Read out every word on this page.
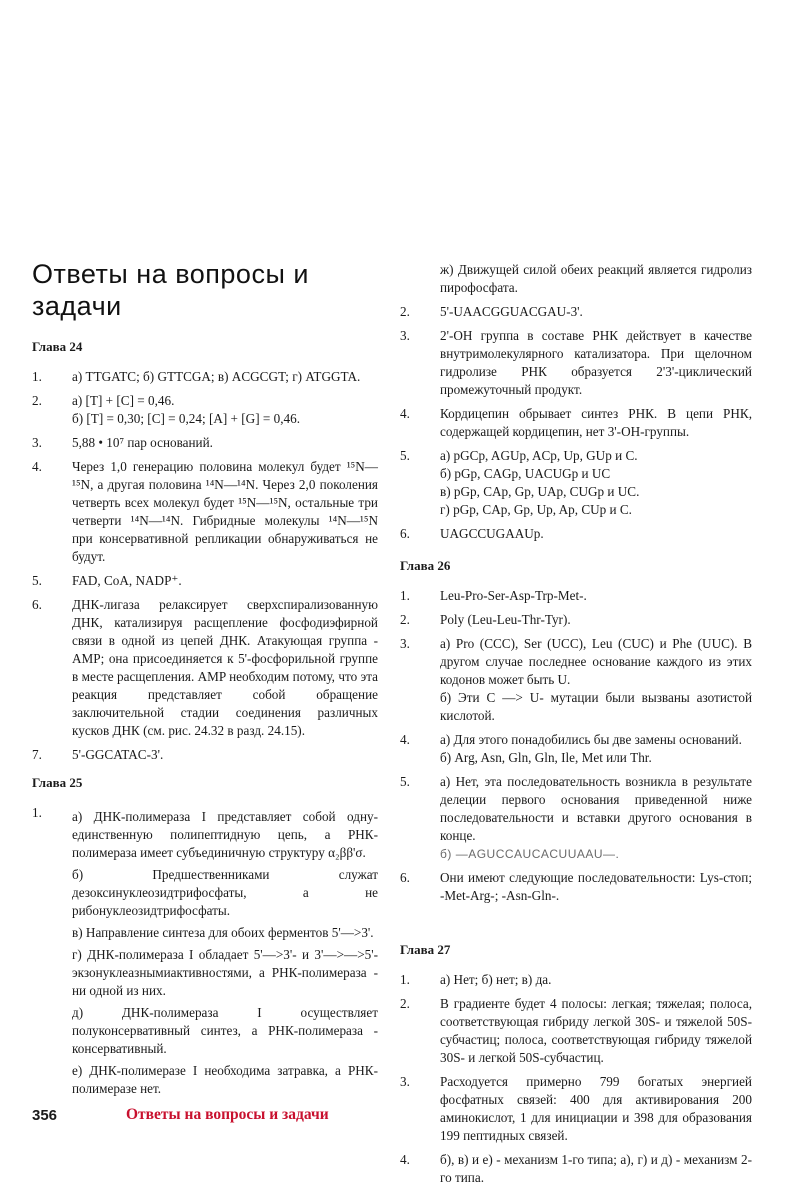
Ответы на вопросы и задачи
Глава 24
1.	а) TTGATC; б) GTTCGA; в) ACGCGT; г) ATGGTA.
2.	а) [T] + [C] = 0,46.
б) [T] = 0,30; [C] = 0,24; [A] + [G] = 0,46.
3.	5,88 • 10⁷ пар оснований.
4.	Через 1,0 генерацию половина молекул будет ¹⁵N—¹⁵N, а другая половина ¹⁴N—¹⁴N. Через 2,0 поколения четверть всех молекул будет ¹⁵N—¹⁵N, остальные три четверти ¹⁴N—¹⁴N. Гибридные молекулы ¹⁴N—¹⁵N при консервативной репликации обнаруживаться не будут.
5.	FAD, CoA, NADP⁺.
6.	ДНК-лигаза релаксирует сверхспирализованную ДНК, катализируя расщепление фосфодиэфирной связи в одной из цепей ДНК. Атакующая группа - AMP; она присоединяется к 5'-фосфорильной группе в месте расщепления. AMP необходим потому, что эта реакция представляет собой обращение заключительной стадии соединения различных кусков ДНК (см. рис. 24.32 в разд. 24.15).
7.	5'-GGCATAC-3'.
Глава 25
1.	а) ДНК-полимераза I представляет собой одну-единственную полипептидную цепь, а РНК-полимераза имеет субъединичную структуру α₂ββ'σ.
б) Предшественниками служат дезоксинуклеозидтрифосфаты, а не рибонуклеозидтрифосфаты.
в) Направление синтеза для обоих ферментов 5'—>3'.
г) ДНК-полимераза I обладает 5'—>3'- и 3'—>—>5'-экзонуклеазнымиактивностями, а РНК-полимераза - ни одной из них.
д) ДНК-полимераза I осуществляет полуконсервативный синтез, а РНК-полимераза - консервативный.
е) ДНК-полимеразе I необходима затравка, а РНК-полимеразе нет.
ж) Движущей силой обеих реакций является гидролиз пирофосфата.
2.	5'-UAACGGUACGAU-3'.
3.	2'-OH группа в составе РНК действует в качестве внутримолекулярного катализатора. При щелочном гидролизе РНК образуется 2'3'-циклический промежуточный продукт.
4.	Кордицепин обрывает синтез РНК. В цепи РНК, содержащей кордицепин, нет 3'-OH-группы.
5.	а) pGCp, AGUp, ACp, Up, GUp и C.
б) pGp, CAGp, UACUGp и UC
в) pGp, CAp, Gp, UAp, CUGp и UC.
г) pGp, CAp, Gp, Up, Ap, CUp и C.
6.	UAGCCUGAAUp.
Глава 26
1.	Leu-Pro-Ser-Asp-Trp-Met-.
2.	Poly (Leu-Leu-Thr-Tyr).
3.	а) Pro (CCC), Ser (UCC), Leu (CUC) и Phe (UUC). В другом случае последнее основание каждого из этих кодонов может быть U.
б) Эти C —> U- мутации были вызваны азотистой кислотой.
4.	а) Для этого понадобились бы две замены оснований.
б) Arg, Asn, Gln, Gln, Ile, Met или Thr.
5.	а) Нет, эта последовательность возникла в результате делеции первого основания приведенной ниже последовательности и вставки другого основания в конце.
б) —AGUCCAUCACUUAAU—.
6.	Они имеют следующие последовательности: Lys-стоп; -Met-Arg-; -Asn-Gln-.
Глава 27
1.	а) Нет; б) нет; в) да.
2.	В градиенте будет 4 полосы: легкая; тяжелая; полоса, соответствующая гибриду легкой 30S- и тяжелой 50S-субчастиц; полоса, соответствующая гибриду тяжелой 30S- и легкой 50S-субчастиц.
3.	Расходуется примерно 799 богатых энергией фосфатных связей: 400 для активирования 200 аминокислот, 1 для инициации и 398 для образования 199 пептидных связей.
4.	б), в) и е) - механизм 1-го типа; а), г) и д) - механизм 2-го типа.
356	Ответы на вопросы и задачи
